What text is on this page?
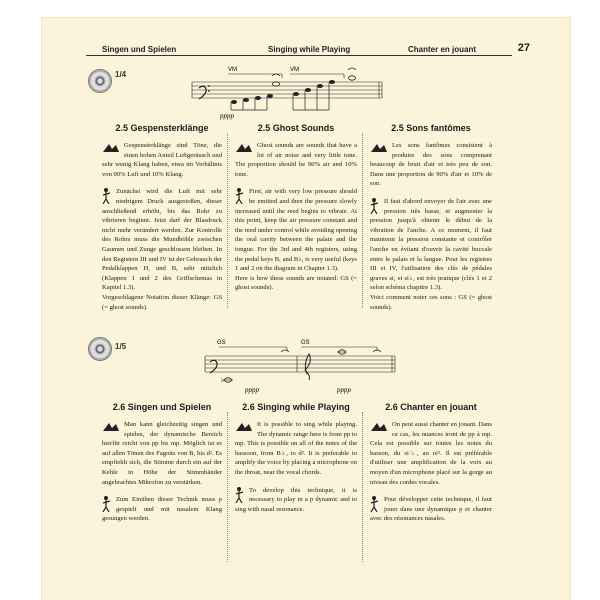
Singen und Spielen	Singing while Playing	Chanter en jouant	27
1/4	VM	VM
pppp
2.5 Gespensterklänge

Gespensterklänge sind Töne, die einen hohen Anteil Luftgeräusch und sehr wenig Klang haben, etwa im Verhältnis von 90% Luft und 10% Klang.

Zunächst wird die Luft mit sehr niedrigem Druck ausgestoßen, dieser anschließend erhöht, bis das Rohr zu vibrieren beginnt. Jetzt darf der Blasdruck nicht mehr verändert werden. Zur Kontrolle des Rohrs muss die Mundhöhle zwischen Gaumen und Zunge geschlossen bleiben. In den Registern III und IV ist der Gebrauch der Pedalklappen H, und B, sehr nützlich (Klappen 1 und 2 des Griffschemas in Kapitel 1.3).

Vorgeschlagene Notation dieser Klänge: GS (= ghost sounds).

2.5 Ghost Sounds

Ghost sounds are sounds that have a lot of air noise and very little tone. The proportion should be 90% air and 10% tone.

First, air with very low pressure should be emitted and then the pressure slowly increased until the reed begins to vibrate. At this point, keep the air pressure constant and the reed under control while avoiding opening the oral cavity between the palate and the tongue. For the 3rd and 4th registers, using the pedal keys B, and B♭, is very useful (keys 1 and 2 on the diagram in Chapter 1.3).

Here is how these sounds are notated: GS (= ghost sounds).

2.5 Sons fantômes

Les sons fantômes consistent à produire des sons comprenant beaucoup de bruit d'air et très peu de son. Dans une proportion de 90% d'air et 10% de son.

Il faut d'abord envoyer de l'air avec une pression très basse, et augmenter la pression jusqu'à obtenir le début de la vibration de l'anche. A ce moment, il faut maintenir la pression constante et contrôler l'anche en évitant d'ouvrir la cavité buccale entre le palais et la langue. Pour les registres III et IV, l'utilisation des clés de pédales graves si, et si♭, est très pratique (clés 1 et 2 selon schéma chapitre 1.3).

Voici comment noter ces sons : GS (= ghost sounds).

1/5	GS	GS
♭
pppp	pppp
2.6 Singen und Spielen

Man kann gleichzeitig singen und spielen, der dynamische Bereich hierfür reicht von pp bis mp. Möglich ist es auf allen Tönen des Fagotts von B, bis d². Es empfiehlt sich, die Stimme durch ein auf der Kehle in Höhe der Stimmbänder angebrachtes Mikrofon zu verstärken.

Zum Einüben dieser Technik muss p gespielt und mit nasalem Klang gesungen werden.

2.6 Singing while Playing

It is possible to sing while playing. The dynamic range here is from pp to mp. This is possible on all of the notes of the bassoon, from B♭, to d². It is preferable to amplify the voice by placing a microphone on the throat, near the vocal chords.

To develop this technique, it is necessary to play in a p dynamic and to sing with nasal resonance.

2.6 Chanter en jouant

On peut aussi chanter en jouant. Dans ce cas, les nuances iront de pp à mp. Cela est possible sur toutes les notes du basson, du si♭, au ré². Il est préférable d'utiliser une amplification de la voix au moyen d'un microphone placé sur la gorge au niveau des cordes vocales.

Pour développer cette technique, il faut jouer dans une dynamique p et chanter avec des résonances nasales.
